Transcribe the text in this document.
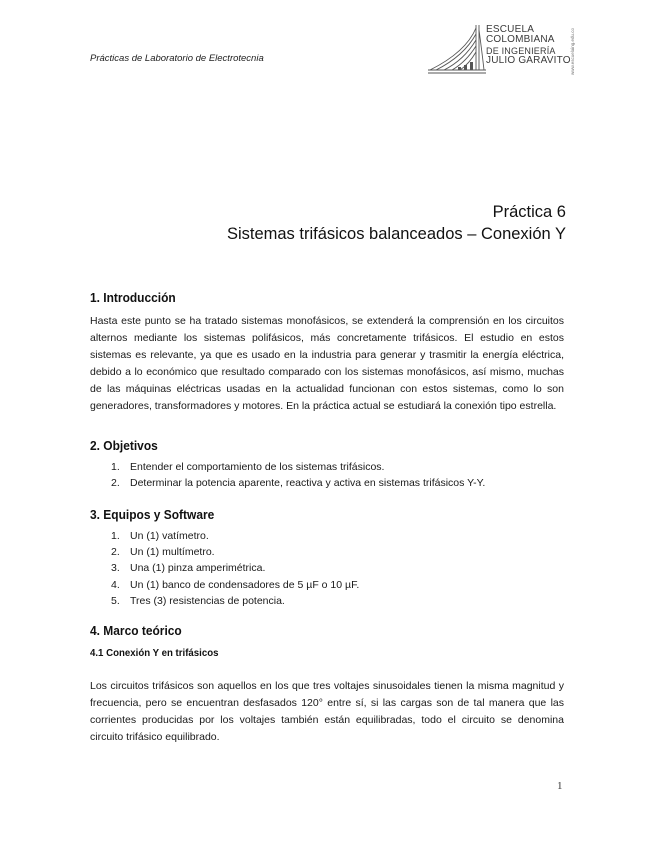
Prácticas de Laboratorio de Electrotecnia
ESCUELA
COLOMBIANA
DE INGENIERÍA
JULIO GARAVITO www.escuelaing.edu.co
Práctica 6
Sistemas trifásicos balanceados – Conexión Y
1. Introducción

Hasta este punto se ha tratado sistemas monofásicos, se extenderá la comprensión en los circuitos alternos mediante los sistemas polifásicos, más concretamente trifásicos. El estudio en estos sistemas es relevante, ya que es usado en la industria para generar y trasmitir la energía eléctrica, debido a lo económico que resultado comparado con los sistemas monofásicos, así mismo, muchas de las máquinas eléctricas usadas en la actualidad funcionan con estos sistemas, como lo son generadores, transformadores y motores. En la práctica actual se estudiará la conexión tipo estrella.

2. Objetivos
1. Entender el comportamiento de los sistemas trifásicos.
2. Determinar la potencia aparente, reactiva y activa en sistemas trifásicos Y-Y.
3. Equipos y Software
1. Un (1) vatímetro.
2. Un (1) multímetro.
3. Una (1) pinza amperimétrica.
4. Un (1) banco de condensadores de 5 µF o 10 µF.
5. Tres (3) resistencias de potencia.
4. Marco teórico
4.1 Conexión Y en trifásicos

Los circuitos trifásicos son aquellos en los que tres voltajes sinusoidales tienen la misma magnitud y frecuencia, pero se encuentran desfasados 120° entre sí, si las cargas son de tal manera que las corrientes producidas por los voltajes también están equilibradas, todo el circuito se denomina circuito trifásico equilibrado.

1
